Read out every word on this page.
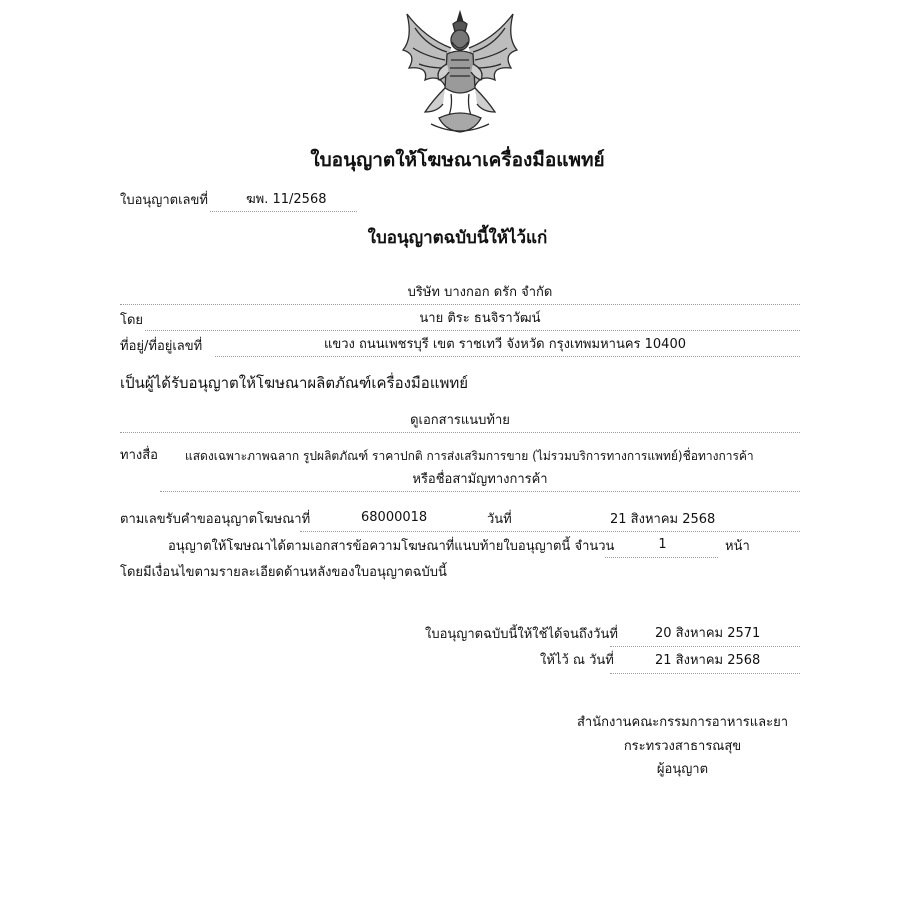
ใบอนุญาตให้โฆษณาเครื่องมือแพทย์
ใบอนุญาตเลขที่	ฆพ. 11/2568
ใบอนุญาตฉบับนี้ให้ไว้แก่
บริษัท บางกอก ดรัก จำกัด
โดย	นาย ติระ ธนจิราวัฒน์
ที่อยู่/ที่อยู่เลขที่	แขวง ถนนเพชรบุรี เขต ราชเทวี จังหวัด กรุงเทพมหานคร 10400
เป็นผู้ได้รับอนุญาตให้โฆษณาผลิตภัณฑ์เครื่องมือแพทย์
ดูเอกสารแนบท้าย
ทางสื่อ แสดงเฉพาะภาพฉลาก รูปผลิตภัณฑ์ ราคาปกติ การส่งเสริมการขาย (ไม่รวมบริการทางการแพทย์)ชื่อทางการค้า
หรือชื่อสามัญทางการค้า
ตามเลขรับคำขออนุญาตโฆษณาที่	68000018	วันที่	21 สิงหาคม 2568
อนุญาตให้โฆษณาได้ตามเอกสารข้อความโฆษณาที่แนบท้ายใบอนุญาตนี้ จำนวน	1	หน้า
โดยมีเงื่อนไขตามรายละเอียดด้านหลังของใบอนุญาตฉบับนี้
ใบอนุญาตฉบับนี้ให้ใช้ได้จนถึงวันที่	20 สิงหาคม 2571
ให้ไว้ ณ วันที่	21 สิงหาคม 2568
สำนักงานคณะกรรมการอาหารและยา
กระทรวงสาธารณสุข
ผู้อนุญาต
